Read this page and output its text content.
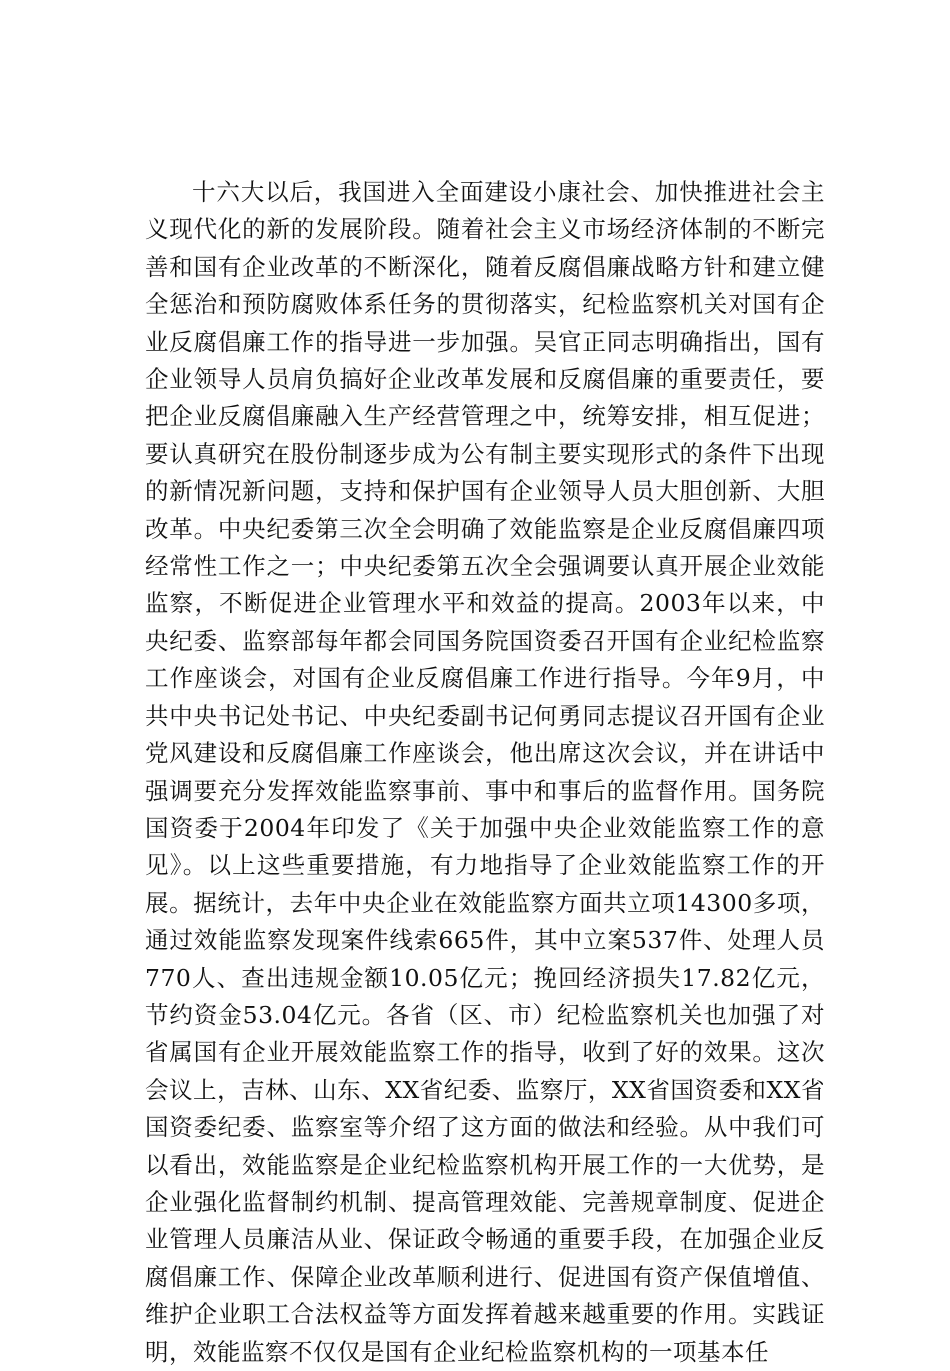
十六大以后，我国进入全面建设小康社会、加快推进社会主义现代化的新的发展阶段。随着社会主义市场经济体制的不断完善和国有企业改革的不断深化，随着反腐倡廉战略方针和建立健全惩治和预防腐败体系任务的贯彻落实，纪检监察机关对国有企业反腐倡廉工作的指导进一步加强。吴官正同志明确指出，国有企业领导人员肩负搞好企业改革发展和反腐倡廉的重要责任，要把企业反腐倡廉融入生产经营管理之中，统筹安排，相互促进；要认真研究在股份制逐步成为公有制主要实现形式的条件下出现的新情况新问题，支持和保护国有企业领导人员大胆创新、大胆改革。中央纪委第三次全会明确了效能监察是企业反腐倡廉四项经常性工作之一；中央纪委第五次全会强调要认真开展企业效能监察，不断促进企业管理水平和效益的提高。2003年以来，中央纪委、监察部每年都会同国务院国资委召开国有企业纪检监察工作座谈会，对国有企业反腐倡廉工作进行指导。今年9月，中共中央书记处书记、中央纪委副书记何勇同志提议召开国有企业党风建设和反腐倡廉工作座谈会，他出席这次会议，并在讲话中强调要充分发挥效能监察事前、事中和事后的监督作用。国务院国资委于2004年印发了《关于加强中央企业效能监察工作的意见》。以上这些重要措施，有力地指导了企业效能监察工作的开展。据统计，去年中央企业在效能监察方面共立项14300多项，通过效能监察发现案件线索665件，其中立案537件、处理人员770人、查出违规金额10.05亿元；挽回经济损失17.82亿元，节约资金53.04亿元。各省（区、市）纪检监察机关也加强了对省属国有企业开展效能监察工作的指导，收到了好的效果。这次会议上，吉林、山东、XX省纪委、监察厅，XX省国资委和XX省国资委纪委、监察室等介绍了这方面的做法和经验。从中我们可以看出，效能监察是企业纪检监察机构开展工作的一大优势，是企业强化监督制约机制、提高管理效能、完善规章制度、促进企业管理人员廉洁从业、保证政令畅通的重要手段，在加强企业反腐倡廉工作、保障企业改革顺利进行、促进国有资产保值增值、维护企业职工合法权益等方面发挥着越来越重要的作用。实践证明，效能监察不仅仅是国有企业纪检监察机构的一项基本任
